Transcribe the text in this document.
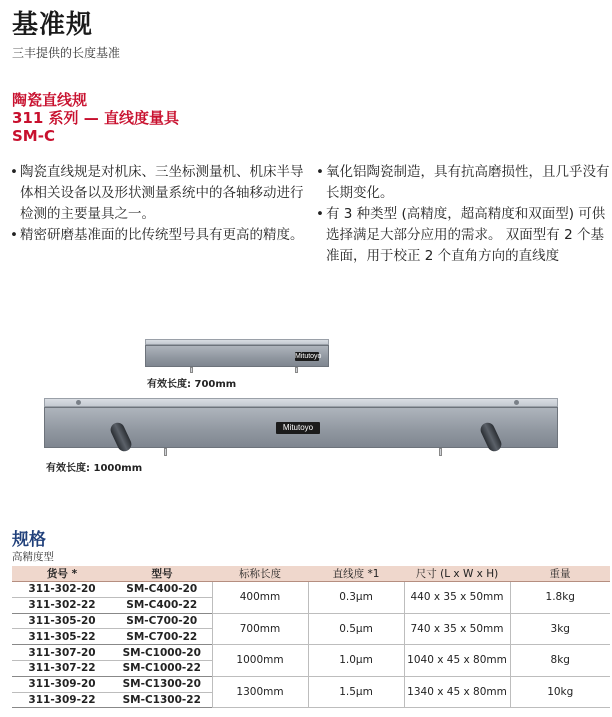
基准规
三丰提供的长度基准
陶瓷直线规
311 系列 — 直线度量具
SM-C
• 陶瓷直线规是对机床、三坐标测量机、机床半导体相关设备以及形状测量系统中的各轴移动进行检测的主要量具之一。
• 精密研磨基准面的比传统型号具有更高的精度。
• 氧化铝陶瓷制造，具有抗高磨损性，且几乎没有长期变化。
• 有 3 种类型 (高精度，超高精度和双面型) 可供选择满足大部分应用的需求。 双面型有 2 个基准面，用于校正 2 个直角方向的直线度
Mitutoyo
有效长度: 700mm
Mitutoyo
有效长度: 1000mm
规格
高精度型
货号 *	型号	标称长度	直线度 *1	尺寸 (L x W x H)	重量
311-302-20	SM-C400-20	400mm	0.3μm	440 x 35 x 50mm	1.8kg
311-302-22	SM-C400-22				
311-305-20	SM-C700-20	700mm	0.5μm	740 x 35 x 50mm	3kg
311-305-22	SM-C700-22				
311-307-20	SM-C1000-20	1000mm	1.0μm	1040 x 45 x 80mm	8kg
311-307-22	SM-C1000-22				
311-309-20	SM-C1300-20	1300mm	1.5μm	1340 x 45 x 80mm	10kg
311-309-22	SM-C1300-22				
